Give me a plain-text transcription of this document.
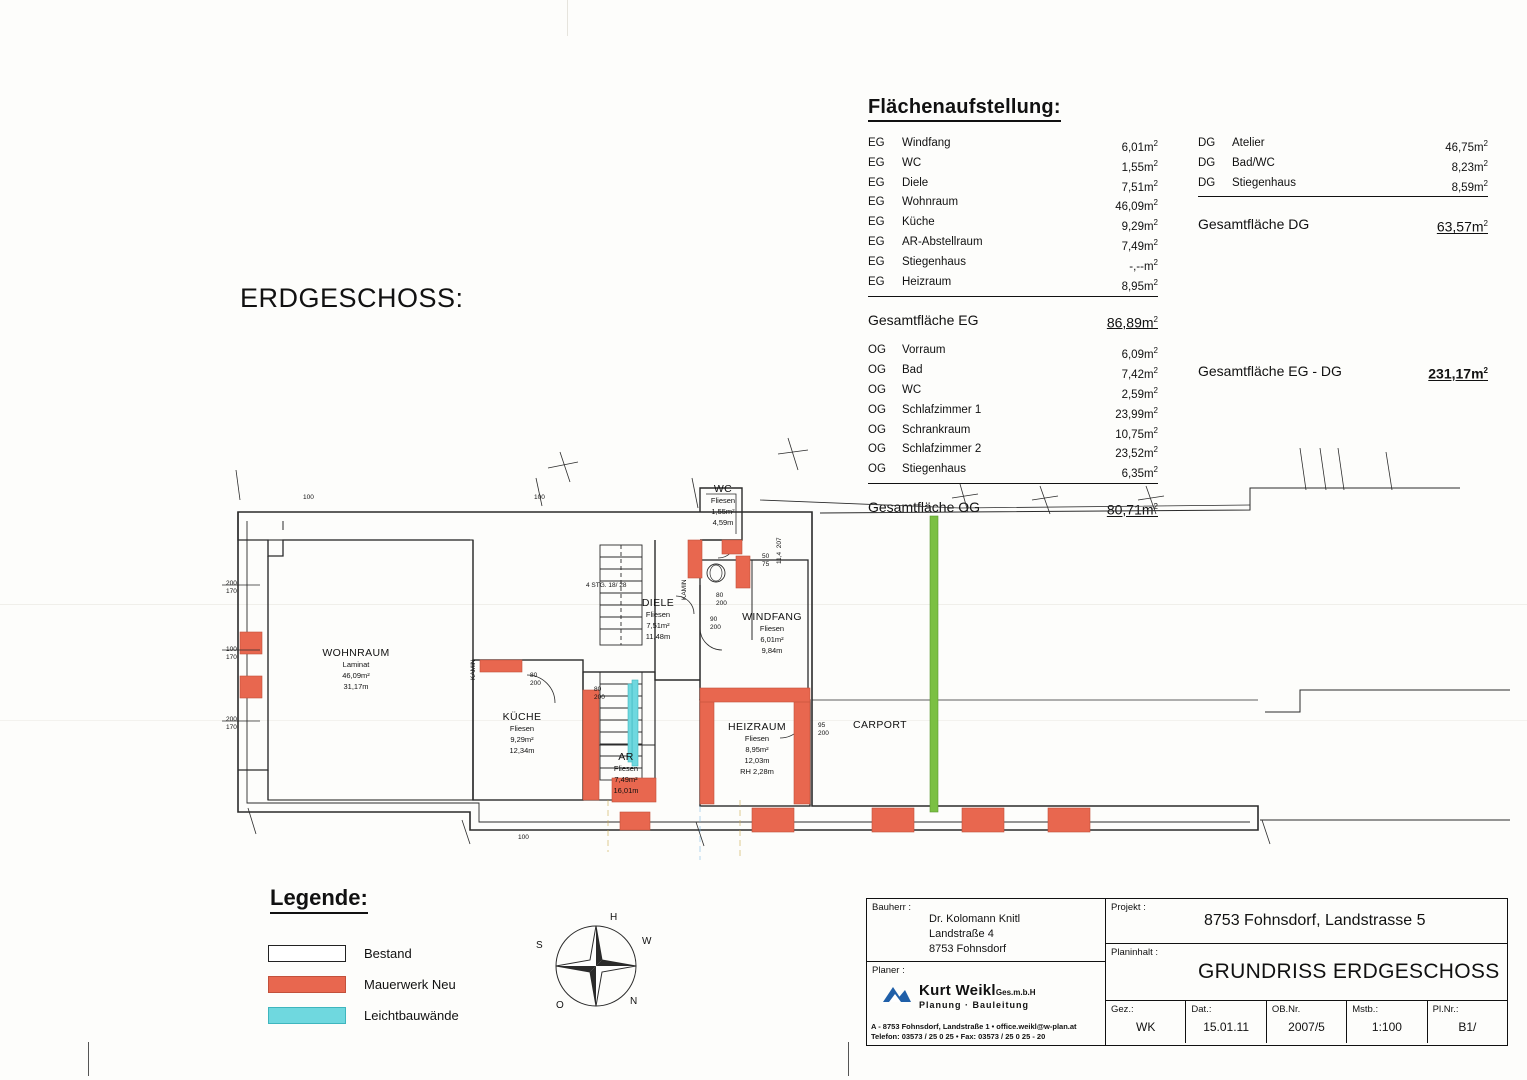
Flächenaufstellung:
EG	Windfang	$6,01m^2$
EG	WC	$1,55m^2$
EG	Diele	$7,51m^2$
EG	Wohnraum	$46,09m^2$
EG	Küche	$9,29m^2$
EG	AR-Abstellraum	$7,49m^2$
EG	Stiegenhaus	$-,--m^2$
EG	Heizraum	$8,95m^2$
Gesamtfläche EG	$86,89m^2$
OG	Vorraum	$6,09m^2$
OG	Bad	$7,42m^2$
OG	WC	$2,59m^2$
OG	Schlafzimmer 1	$23,99m^2$
OG	Schrankraum	$10,75m^2$
OG	Schlafzimmer 2	$23,52m^2$
OG	Stiegenhaus	$6,35m^2$
Gesamtfläche OG	$80,71m^2$
DG	Atelier	$46,75m^2$
DG	Bad/WC	$8,23m^2$
DG	Stiegenhaus	$8,59m^2$
Gesamtfläche DG	$63,57m^2$
Gesamtfläche EG - DG	$231,17m^2$
ERDGESCHOSS:
WOHNRAUM
Laminat
46,09m²
31,17m
KÜCHE
Fliesen
9,29m²
12,34m
AR
Fliesen
7,49m²
16,01m
DIELE
Fliesen
7,51m²
11,48m
WINDFANG
Fliesen
6,01m²
9,84m
WC
Fliesen
1,55m²
4,59m
HEIZRAUM
Fliesen
8,95m²
12,03m
RH 2,28m
CARPORT
KAMIN
KAMIN
4 STG. 18/ 28
200
170
100
170
200
170
80
200
80
200
90
200
80
200
95
200
50
75
11,4  207
100	100
100
Legende:
Bestand
Mauerwerk Neu
Leichtbauwände
H
N
O
S	W
Bauherr :
Dr. Kolomann Knitl
Landstraße 4
8753 Fohnsdorf
Planer :
Kurt WeiklGes.m.b.H
Planung · Bauleitung
A - 8753 Fohnsdorf, Landstraße 1 • office.weikl@w-plan.at
Telefon: 03573 / 25 0 25 • Fax: 03573 / 25 0 25 - 20
Projekt :
8753 Fohnsdorf, Landstrasse 5
Planinhalt :
GRUNDRISS ERDGESCHOSS
Gez.:
WK
Dat.:
15.01.11
OB.Nr.
2007/5
Mstb.:
1:100
Pl.Nr.:
B1/
